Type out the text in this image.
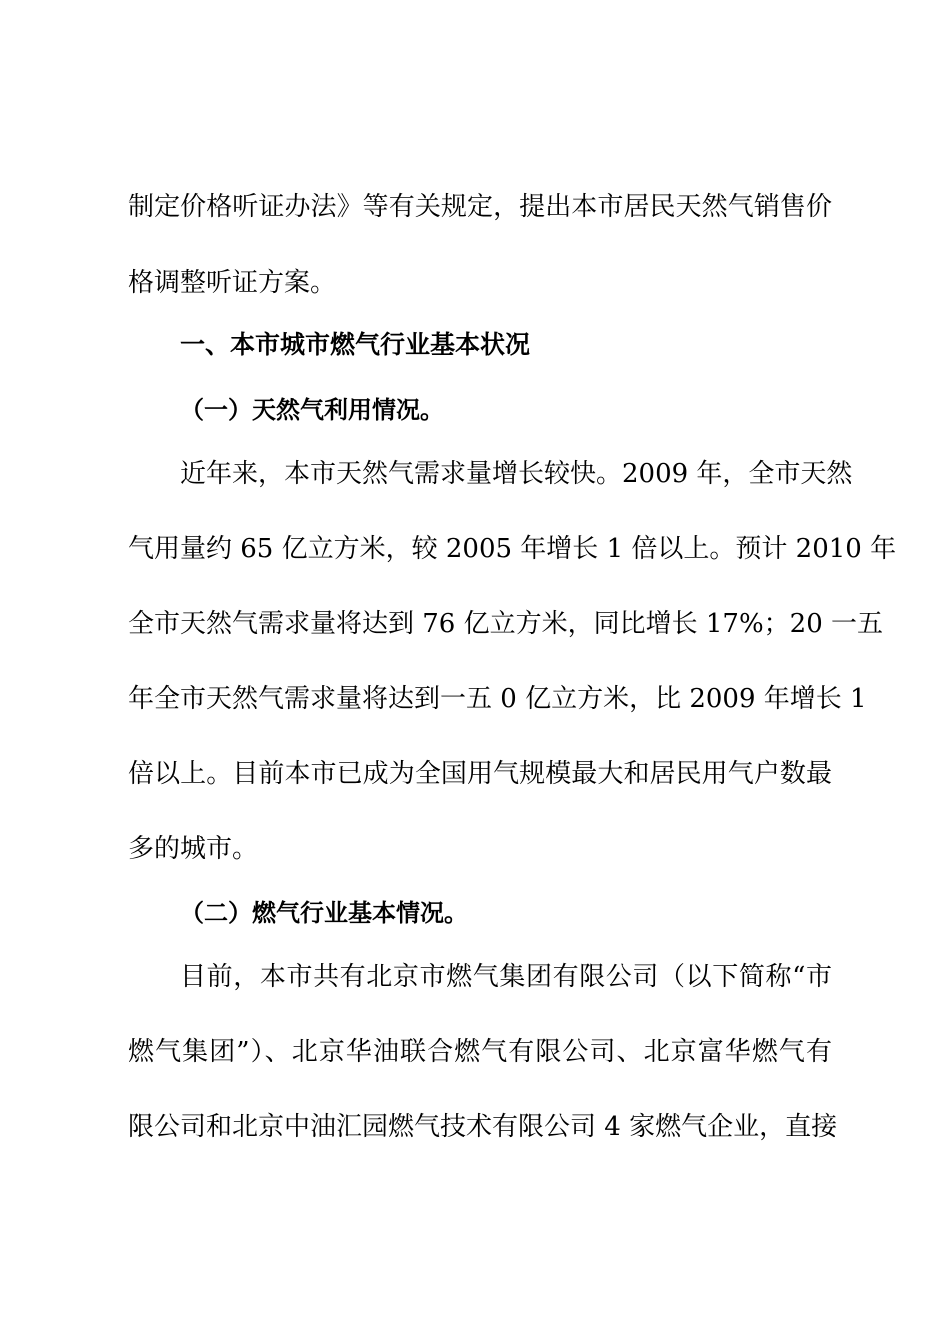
制定价格听证办法》等有关规定，提出本市居民天然气销售价
格调整听证方案。
一、本市城市燃气行业基本状况
（一）天然气利用情况。
近年来，本市天然气需求量增长较快。2009 年，全市天然
气用量约 65 亿立方米，较 2005 年增长 1 倍以上。预计 2010 年
全市天然气需求量将达到 76 亿立方米，同比增长 17%；20 一五
年全市天然气需求量将达到一五 0 亿立方米，比 2009 年增长 1
倍以上。目前本市已成为全国用气规模最大和居民用气户数最
多的城市。
（二）燃气行业基本情况。
目前，本市共有北京市燃气集团有限公司（以下简称“市
燃气集团”）、北京华油联合燃气有限公司、北京富华燃气有
限公司和北京中油汇园燃气技术有限公司 4 家燃气企业，直接
